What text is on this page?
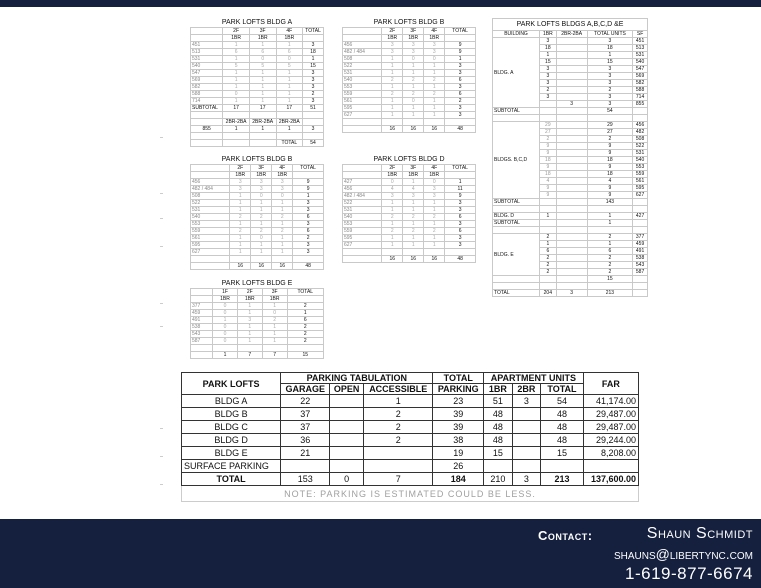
PARK LOFTS BLDG A				
	2F	3F	4F	TOTAL
	1BR	1BR	1BR	
451	1	1	1	3
513	6	6	6	18
531	1	0	0	1
540	5	5	5	15
547	1	1	1	3
569	1	1	1	3
582	1	1	1	3
588	0	1	1	2
714	1	1	1	3
SUBTOTAL	17	17	17	51

	2BR-2BA	2BR-2BA	2BR-2BA	
855	1	1	1	3

			TOTAL	54
PARK LOFTS BLDG B				
	2F	3F	4F	TOTAL
	1BR	1BR	1BR	
456	3	3	3	9
482 / 484	3	3	3	9
508	1	0	0	1
522	1	1	1	3
531	1	1	1	3
540	2	2	2	6
553	1	1	1	3
559	2	2	2	6
561	1	0	1	2
595	1	1	1	3
627	1	1	1	3

	16	16	16	48
PARK LOFTS BLDG B				
	2F	3F	4F	TOTAL
	1BR	1BR	1BR	
456	3	3	3	9
482 / 484	3	3	3	9
508	1	0	0	1
522	1	1	1	3
531	1	1	1	3
540	2	2	2	6
553	1	1	1	3
559	2	2	2	6
561	1	0	1	2
595	1	1	1	3
627	1	1	1	3

	16	16	16	48
PARK LOFTS BLDG D				
	2F	3F	4F	TOTAL
	1BR	1BR	1BR	
427	0	1	0	1
456	4	4	3	11
482 / 484	3	3	3	9
522	1	1	1	3
531	1	1	1	3
540	2	2	2	6
553	1	1	1	3
559	2	2	2	6
595	1	1	1	3
627	1	1	1	3

	16	16	16	48
PARK LOFTS BLDG E				
	1F	2F	3F	TOTAL
	1BR	1BR	1BR	
377	0	1	1	2
459	0	1	0	1
491	1	3	2	6
538	0	1	1	2
543	0	1	1	2
587	0	1	1	2

	1	7	7	15
PARK LOFTS BLDGS A,B,C,D &E				
BUILDING	1BR	2BR-2BA	TOTAL UNITS	SF
BLDG. A	3		3	451
	18		18	513
	1		1	531
	15		15	540
	3		3	547
	3		3	569
	3		3	582
	2		2	588
	3		3	714
		3	3	855
SUBTOTAL			54	

BLDGS. B,C,D	29		29	456
	27		27	482
	2		2	508
	9		9	522
	9		9	531
	18		18	540
	9		9	553
	18		18	559
	4		4	561
	9		9	595
	9		9	627
SUBTOTAL			143	

BLDG. D	1		1	427
SUBTOTAL			1	

BLDG. E	2		2	377
	1		1	459
	6		6	491
	2		2	538
	2		2	543
	2		2	587
			15	

TOTAL	204	3	213	
PARK LOFTS	PARKING TABULATION			TOTAL	APARTMENT UNITS			FAR
	GARAGE	OPEN	ACCESSIBLE	PARKING	1BR	2BR	TOTAL	
BLDG A	22		1	23	51	3	54	41,174.00
BLDG B	37		2	39	48		48	29,487.00
BLDG C	37		2	39	48		48	29,487.00
BLDG D	36		2	38	48		48	29,244.00
BLDG E	21			19	15		15	8,208.00
SURFACE PARKING				26				
TOTAL	153	0	7	184	210	3	213	137,600.00
NOTE: PARKING IS ESTIMATED COULD BE LESS.								
Contact:	Shaun Schmidt
shauns@libertync.com
1-619-877-6674
